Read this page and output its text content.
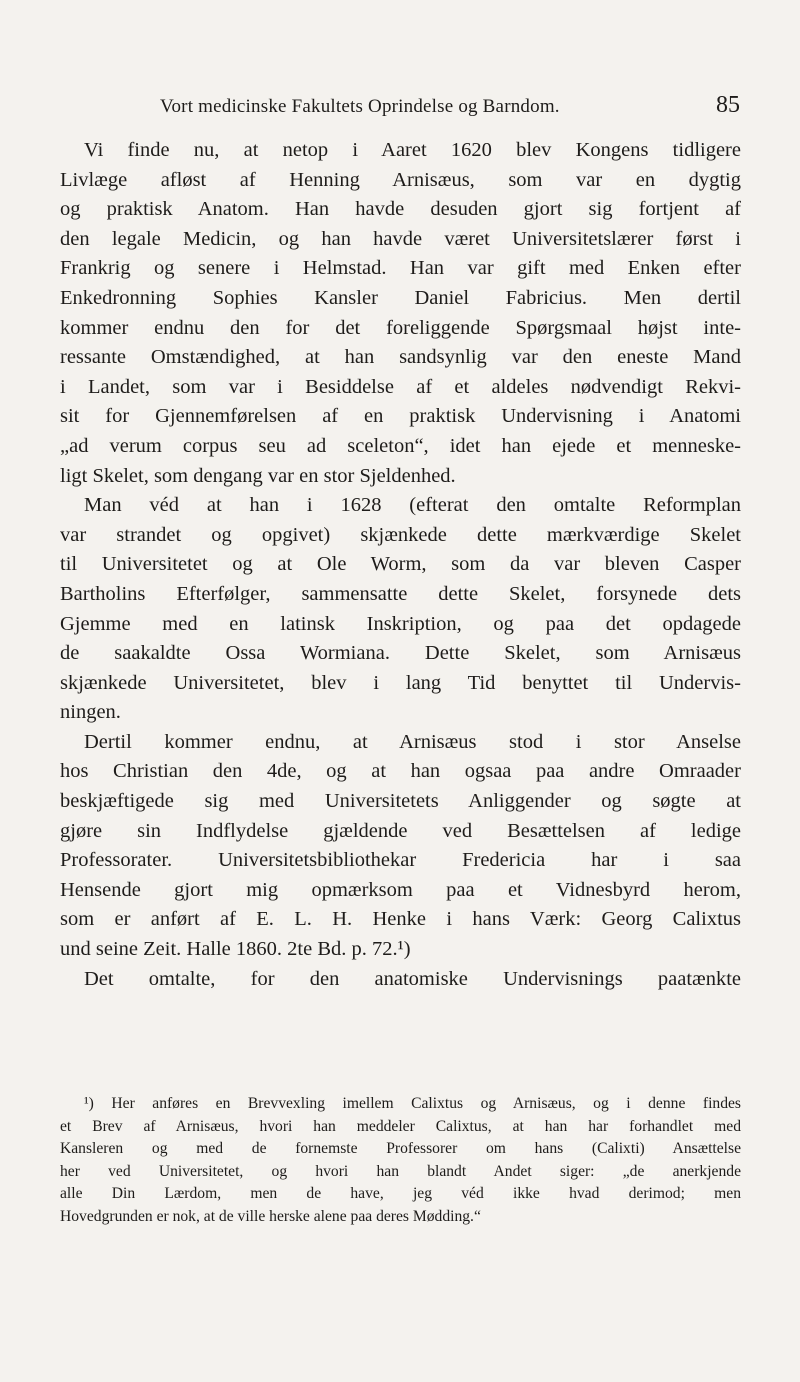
Vort medicinske Fakultets Oprindelse og Barndom.	85
Vi finde nu, at netop i Aaret 1620 blev Kongens tidligere
Livlæge afløst af Henning Arnisæus, som var en dygtig
og praktisk Anatom. Han havde desuden gjort sig fortjent af
den legale Medicin, og han havde været Universitetslærer først i
Frankrig og senere i Helmstad. Han var gift med Enken efter
Enkedronning Sophies Kansler Daniel Fabricius. Men dertil
kommer endnu den for det foreliggende Spørgsmaal højst inte-
ressante Omstændighed, at han sandsynlig var den eneste Mand
i Landet, som var i Besiddelse af et aldeles nødvendigt Rekvi-
sit for Gjennemførelsen af en praktisk Undervisning i Anatomi
„ad verum corpus seu ad sceleton“, idet han ejede et menneske-
ligt Skelet, som dengang var en stor Sjeldenhed.
Man véd at han i 1628 (efterat den omtalte Reformplan
var strandet og opgivet) skjænkede dette mærkværdige Skelet
til Universitetet og at Ole Worm, som da var bleven Casper
Bartholins Efterfølger, sammensatte dette Skelet, forsynede dets
Gjemme med en latinsk Inskription, og paa det opdagede
de saakaldte Ossa Wormiana. Dette Skelet, som Arnisæus
skjænkede Universitetet, blev i lang Tid benyttet til Undervis-
ningen.
Dertil kommer endnu, at Arnisæus stod i stor Anselse
hos Christian den 4de, og at han ogsaa paa andre Omraader
beskjæftigede sig med Universitetets Anliggender og søgte at
gjøre sin Indflydelse gjældende ved Besættelsen af ledige
Professorater. Universitetsbibliothekar Fredericia har i saa
Hensende gjort mig opmærksom paa et Vidnesbyrd herom,
som er anført af E. L. H. Henke i hans Værk: Georg Calixtus
und seine Zeit. Halle 1860. 2te Bd. p. 72.¹)
Det omtalte, for den anatomiske Undervisnings paatænkte
¹) Her anføres en Brevvexling imellem Calixtus og Arnisæus, og i denne findes
et Brev af Arnisæus, hvori han meddeler Calixtus, at han har forhandlet med
Kansleren og med de fornemste Professorer om hans (Calixti) Ansættelse
her ved Universitetet, og hvori han blandt Andet siger: „de anerkjende
alle Din Lærdom, men de have, jeg véd ikke hvad derimod; men
Hovedgrunden er nok, at de ville herske alene paa deres Mødding.“
